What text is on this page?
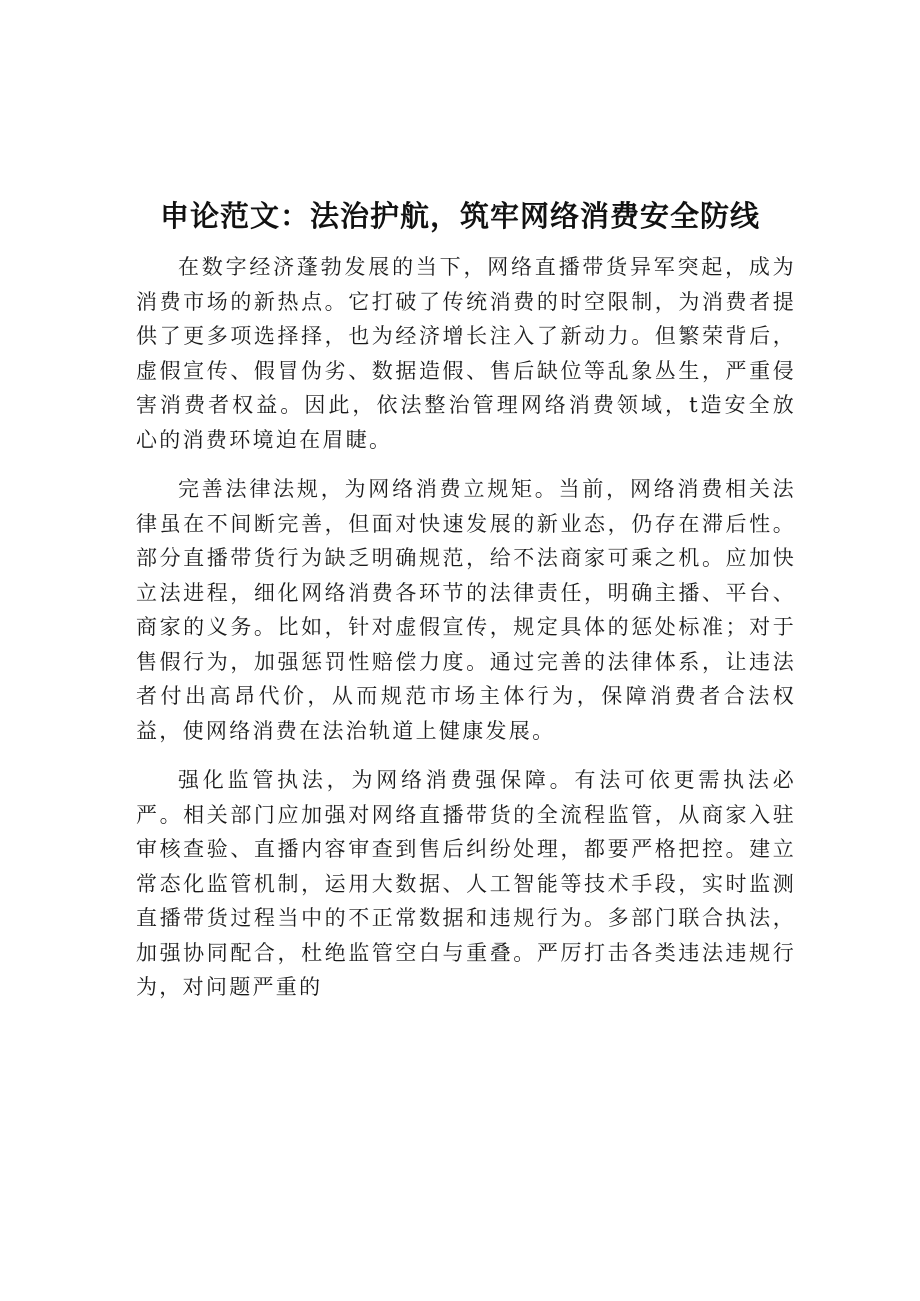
申论范文：法治护航，筑牢网络消费安全防线

在数字经济蓬勃发展的当下，网络直播带货异军突起，成为消费市场的新热点。它打破了传统消费的时空限制，为消费者提供了更多项选择择，也为经济增长注入了新动力。但繁荣背后，虚假宣传、假冒伪劣、数据造假、售后缺位等乱象丛生，严重侵害消费者权益。因此，依法整治管理网络消费领域，t造安全放心的消费环境迫在眉睫。

完善法律法规，为网络消费立规矩。当前，网络消费相关法律虽在不间断完善，但面对快速发展的新业态，仍存在滞后性。部分直播带货行为缺乏明确规范，给不法商家可乘之机。应加快立法进程，细化网络消费各环节的法律责任，明确主播、平台、商家的义务。比如，针对虚假宣传，规定具体的惩处标准；对于售假行为，加强惩罚性赔偿力度。通过完善的法律体系，让违法者付出高昂代价，从而规范市场主体行为，保障消费者合法权益，使网络消费在法治轨道上健康发展。

强化监管执法，为网络消费强保障。有法可依更需执法必严。相关部门应加强对网络直播带货的全流程监管，从商家入驻审核查验、直播内容审查到售后纠纷处理，都要严格把控。建立常态化监管机制，运用大数据、人工智能等技术手段，实时监测直播带货过程当中的不正常数据和违规行为。多部门联合执法，加强协同配合，杜绝监管空白与重叠。严厉打击各类违法违规行为，对问题严重的
